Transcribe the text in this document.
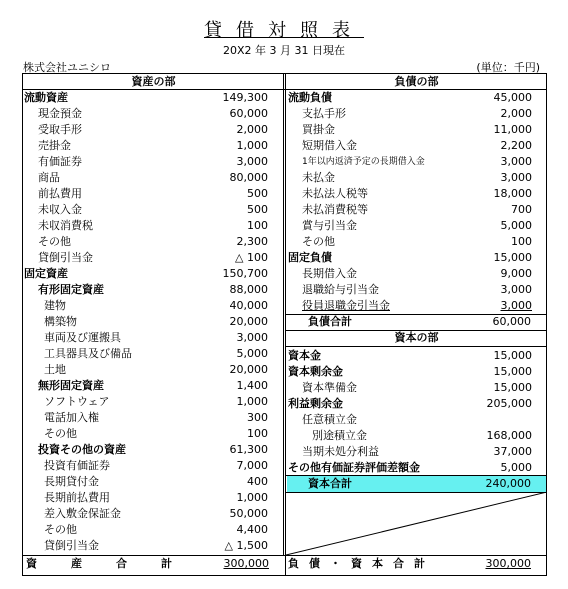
貸借対照表
20X2 年 3 月 31 日現在
株式会社ユニシロ	(単位：千円)
資産の部	負債の部
流動資産	149,300
現金預金	60,000
受取手形	2,000
売掛金	1,000
有価証券	3,000
商品	80,000
前払費用	500
未収入金	500
未収消費税	100
その他	2,300
貸倒引当金	△ 100
固定資産	150,700
有形固定資産	88,000
建物	40,000
構築物	20,000
車両及び運搬具	3,000
工具器具及び備品	5,000
土地	20,000
無形固定資産	1,400
ソフトウェア	1,000
電話加入権	300
その他	100
投資その他の資産	61,300
投資有価証券	7,000
長期貸付金	400
長期前払費用	1,000
差入敷金保証金	50,000
その他	4,400
貸倒引当金	△ 1,500
資産合計 300,000
流動負債	45,000
支払手形	2,000
買掛金	11,000
短期借入金	2,200
1年以内返済予定の長期借入金	3,000
未払金	3,000
未払法人税等	18,000
未払消費税等	700
賞与引当金	5,000
その他	100
固定負債	15,000
長期借入金	9,000
退職給与引当金	3,000
役員退職金引当金	3,000
負債合計	60,000
資本の部
資本金	15,000
資本剰余金	15,000
資本準備金	15,000
利益剰余金	205,000
任意積立金
別途積立金	168,000
当期未処分利益	37,000
その他有価証券評価差額金	5,000
資本合計	240,000
負債・資本合計	300,000
